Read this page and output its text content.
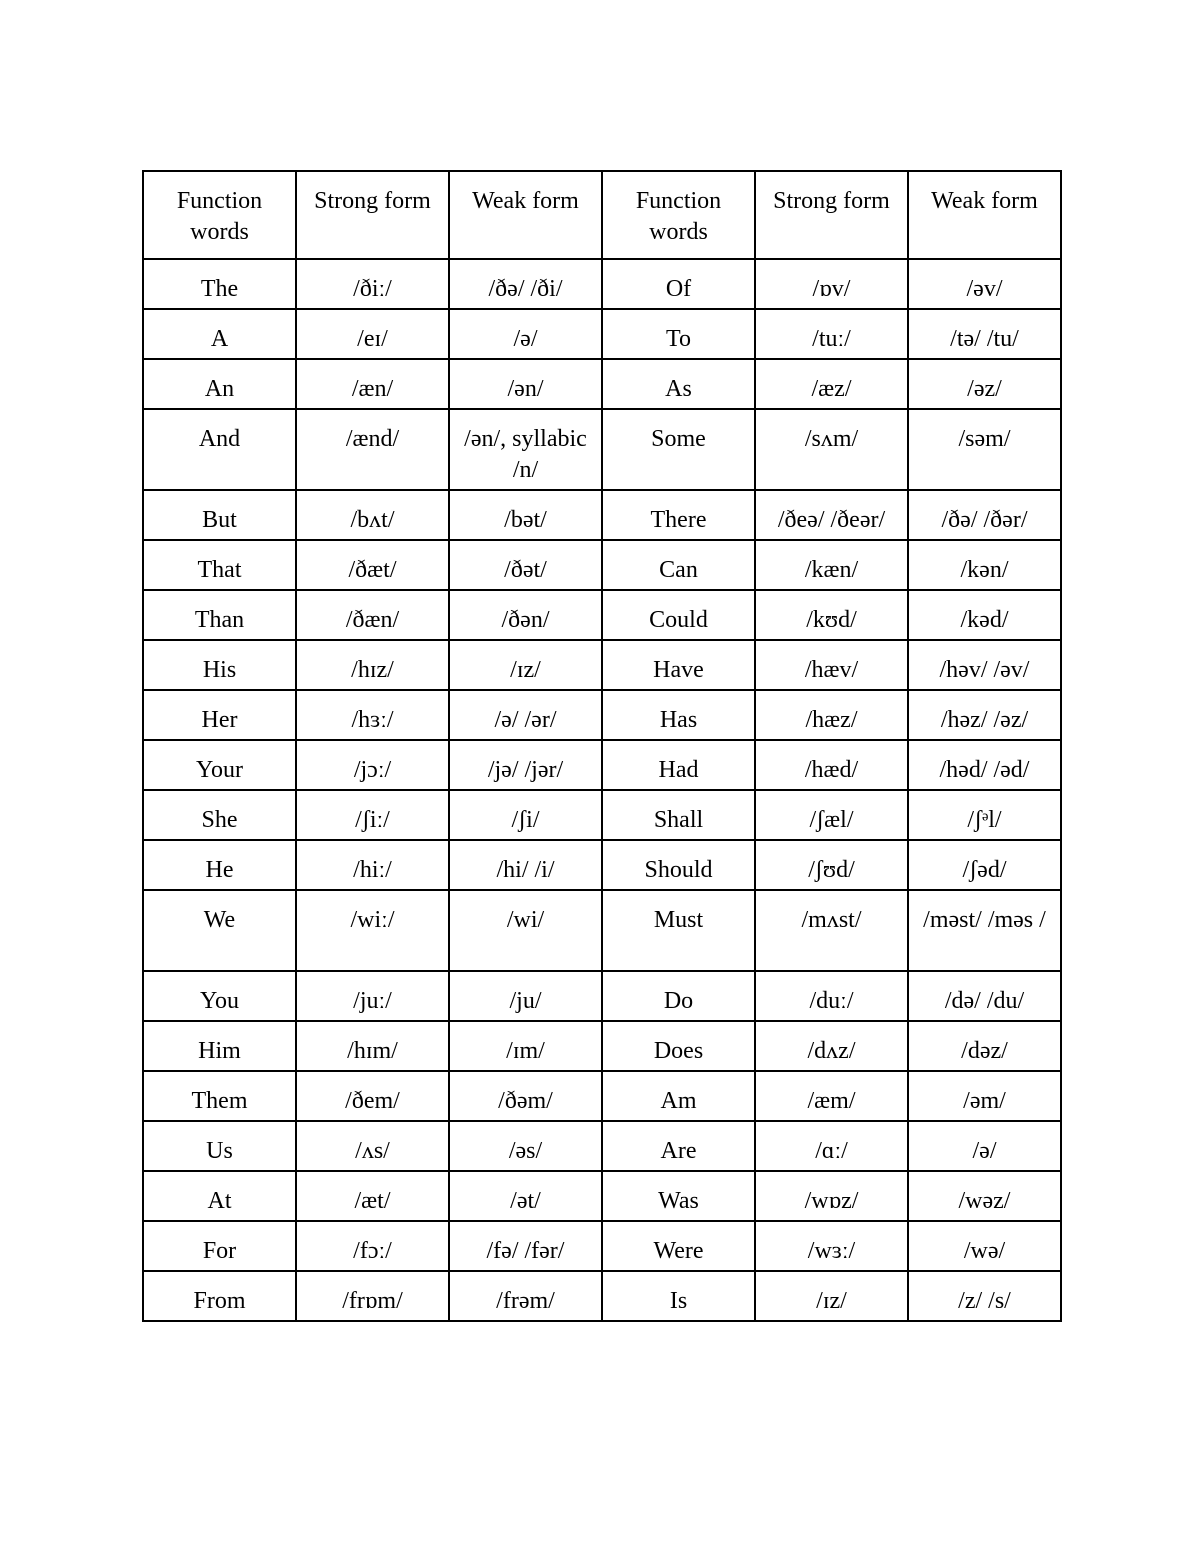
Function words	Strong form	Weak form	Function words	Strong form	Weak form
The	/ðiː/	/ðə/ /ði/	Of	/ɒv/	/əv/
A	/eɪ/	/ə/	To	/tuː/	/tə/ /tu/
An	/æn/	/ən/	As	/æz/	/əz/
And	/ænd/	/ən/, syllabic /n/	Some	/sʌm/	/səm/
But	/bʌt/	/bət/	There	/ðeə/ /ðeər/	/ðə/ /ðər/
That	/ðæt/	/ðət/	Can	/kæn/	/kən/
Than	/ðæn/	/ðən/	Could	/kʊd/	/kəd/
His	/hɪz/	/ɪz/	Have	/hæv/	/həv/ /əv/
Her	/hɜː/	/ə/ /ər/	Has	/hæz/	/həz/ /əz/
Your	/jɔː/	/jə/ /jər/	Had	/hæd/	/həd/ /əd/
She	/ʃiː/	/ʃi/	Shall	/ʃæl/	/ʃᵊl/
He	/hiː/	/hi/ /i/	Should	/ʃʊd/	/ʃəd/
We	/wiː/	/wi/	Must	/mʌst/	/məst/ /məs /
You	/juː/	/ju/	Do	/duː/	/də/ /du/
Him	/hɪm/	/ɪm/	Does	/dʌz/	/dəz/
Them	/ðem/	/ðəm/	Am	/æm/	/əm/
Us	/ʌs/	/əs/	Are	/ɑː/	/ə/
At	/æt/	/ət/	Was	/wɒz/	/wəz/
For	/fɔː/	/fə/ /fər/	Were	/wɜː/	/wə/
From	/frɒm/	/frəm/	Is	/ɪz/	/z/ /s/
